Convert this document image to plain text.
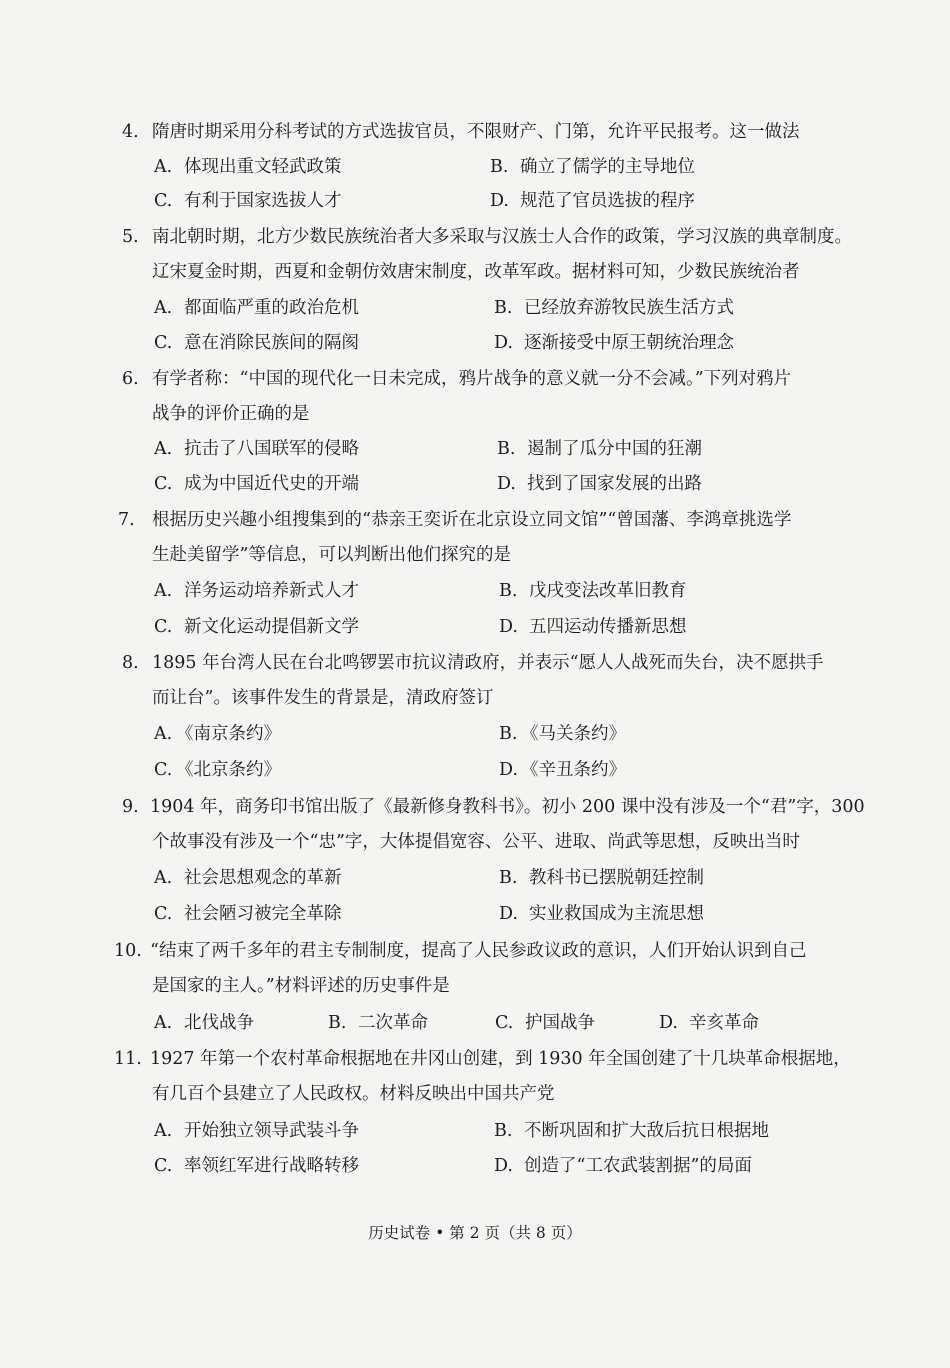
4. 隋唐时期采用分科考试的方式选拔官员，不限财产、门第，允许平民报考。这一做法
A. 体现出重文轻武政策	B. 确立了儒学的主导地位
C. 有利于国家选拔人才	D. 规范了官员选拔的程序
5. 南北朝时期，北方少数民族统治者大多采取与汉族士人合作的政策，学习汉族的典章制度。
辽宋夏金时期，西夏和金朝仿效唐宋制度，改革军政。据材料可知，少数民族统治者
A. 都面临严重的政治危机	B. 已经放弃游牧民族生活方式
C. 意在消除民族间的隔阂	D. 逐渐接受中原王朝统治理念
6. 有学者称：“中国的现代化一日未完成，鸦片战争的意义就一分不会减。”下列对鸦片
战争的评价正确的是
A. 抗击了八国联军的侵略	B. 遏制了瓜分中国的狂潮
C. 成为中国近代史的开端	D. 找到了国家发展的出路
7. 根据历史兴趣小组搜集到的“恭亲王奕䜣在北京设立同文馆”“曾国藩、李鸿章挑选学
生赴美留学”等信息，可以判断出他们探究的是
A. 洋务运动培养新式人才	B. 戊戌变法改革旧教育
C. 新文化运动提倡新文学	D. 五四运动传播新思想
8. 1895 年台湾人民在台北鸣锣罢市抗议清政府，并表示“愿人人战死而失台，决不愿拱手
而让台”。该事件发生的背景是，清政府签订
A. 《南京条约》	B. 《马关条约》
C. 《北京条约》	D. 《辛丑条约》
9. 1904 年，商务印书馆出版了《最新修身教科书》。初小 200 课中没有涉及一个“君”字，300
个故事没有涉及一个“忠”字，大体提倡宽容、公平、进取、尚武等思想，反映出当时
A. 社会思想观念的革新	B. 教科书已摆脱朝廷控制
C. 社会陋习被完全革除	D. 实业救国成为主流思想
10. “结束了两千多年的君主专制制度，提高了人民参政议政的意识，人们开始认识到自己
是国家的主人。”材料评述的历史事件是
A. 北伐战争	B. 二次革命	C. 护国战争	D. 辛亥革命
11. 1927 年第一个农村革命根据地在井冈山创建，到 1930 年全国创建了十几块革命根据地，
有几百个县建立了人民政权。材料反映出中国共产党
A. 开始独立领导武装斗争	B. 不断巩固和扩大敌后抗日根据地
C. 率领红军进行战略转移	D. 创造了“工农武装割据”的局面
历史试卷 • 第 2 页（共 8 页）
